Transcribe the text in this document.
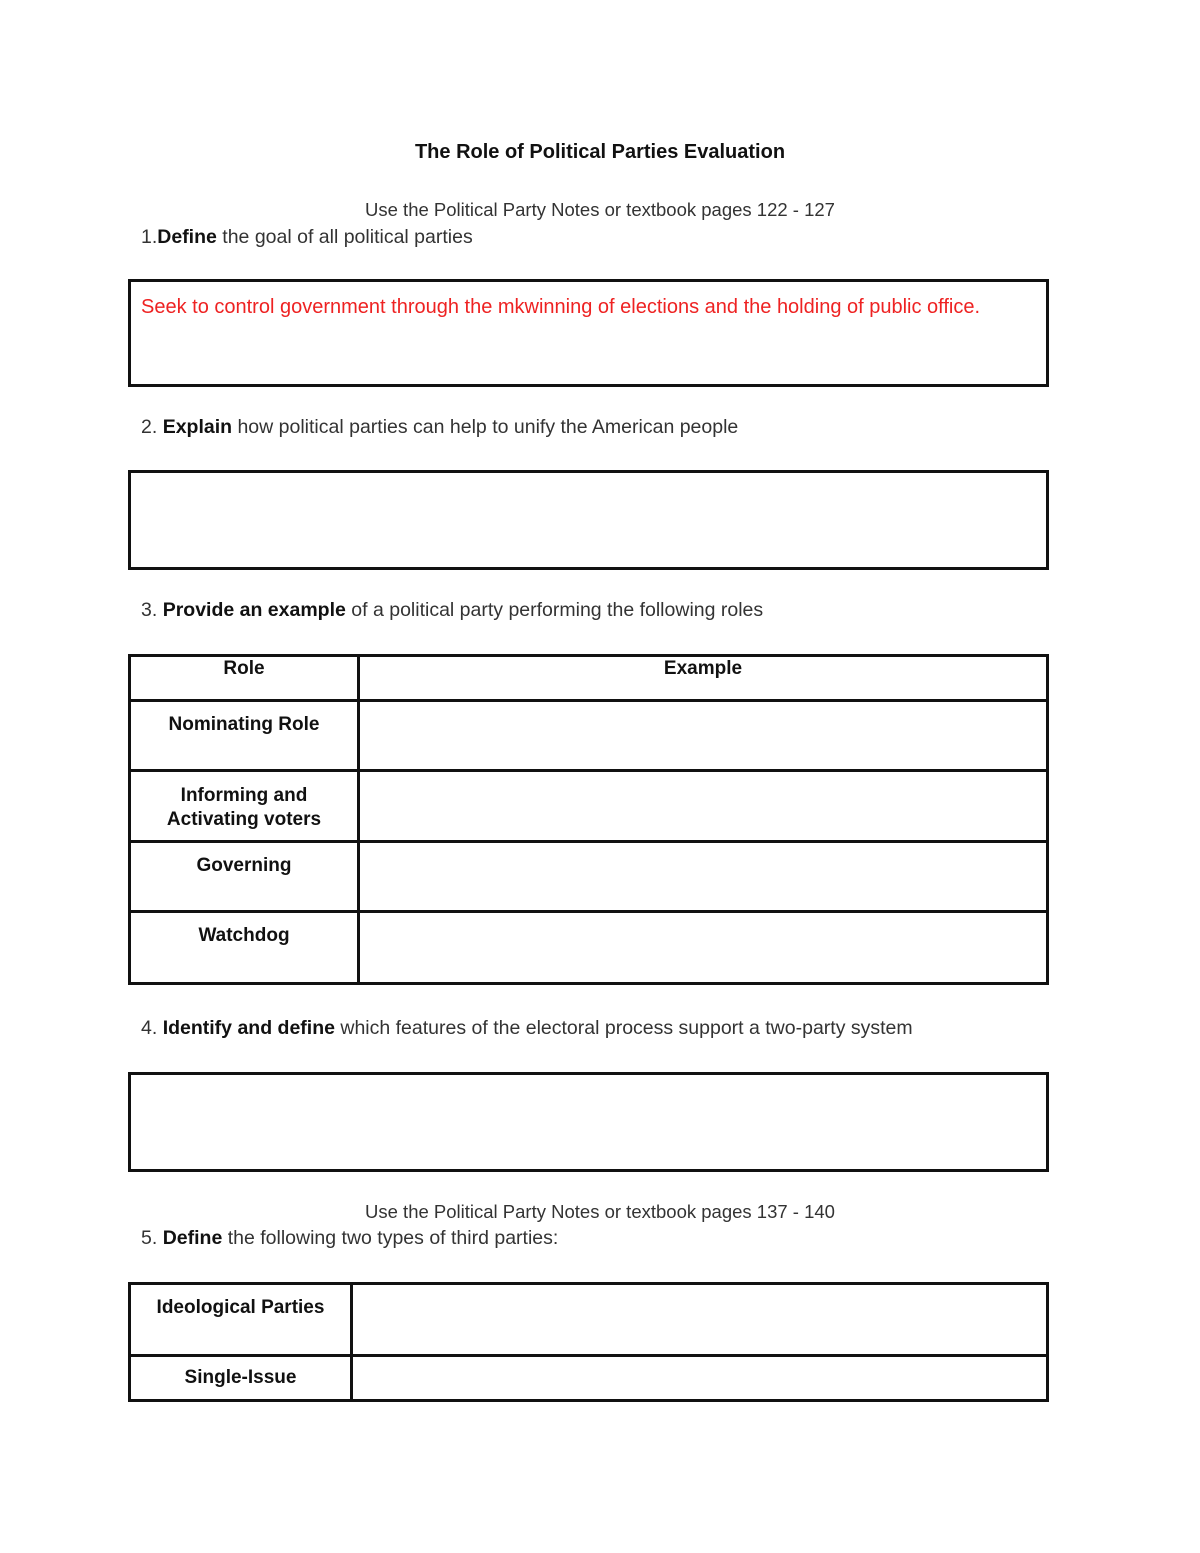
The Role of Political Parties Evaluation
Use the Political Party Notes or textbook pages 122 - 127
1.Define the goal of all political parties
Seek to control government through the mkwinning of elections and the holding of public office.
2. Explain how political parties can help to unify the American people
3. Provide an example of a political party performing the following roles
Role	Example
Nominating Role	
Informing and Activating voters	
Governing	
Watchdog	
4. Identify and define which features of the electoral process support a two-party system
Use the Political Party Notes or textbook pages 137 - 140
5. Define the following two types of third parties:
Ideological Parties	
Single-Issue	
